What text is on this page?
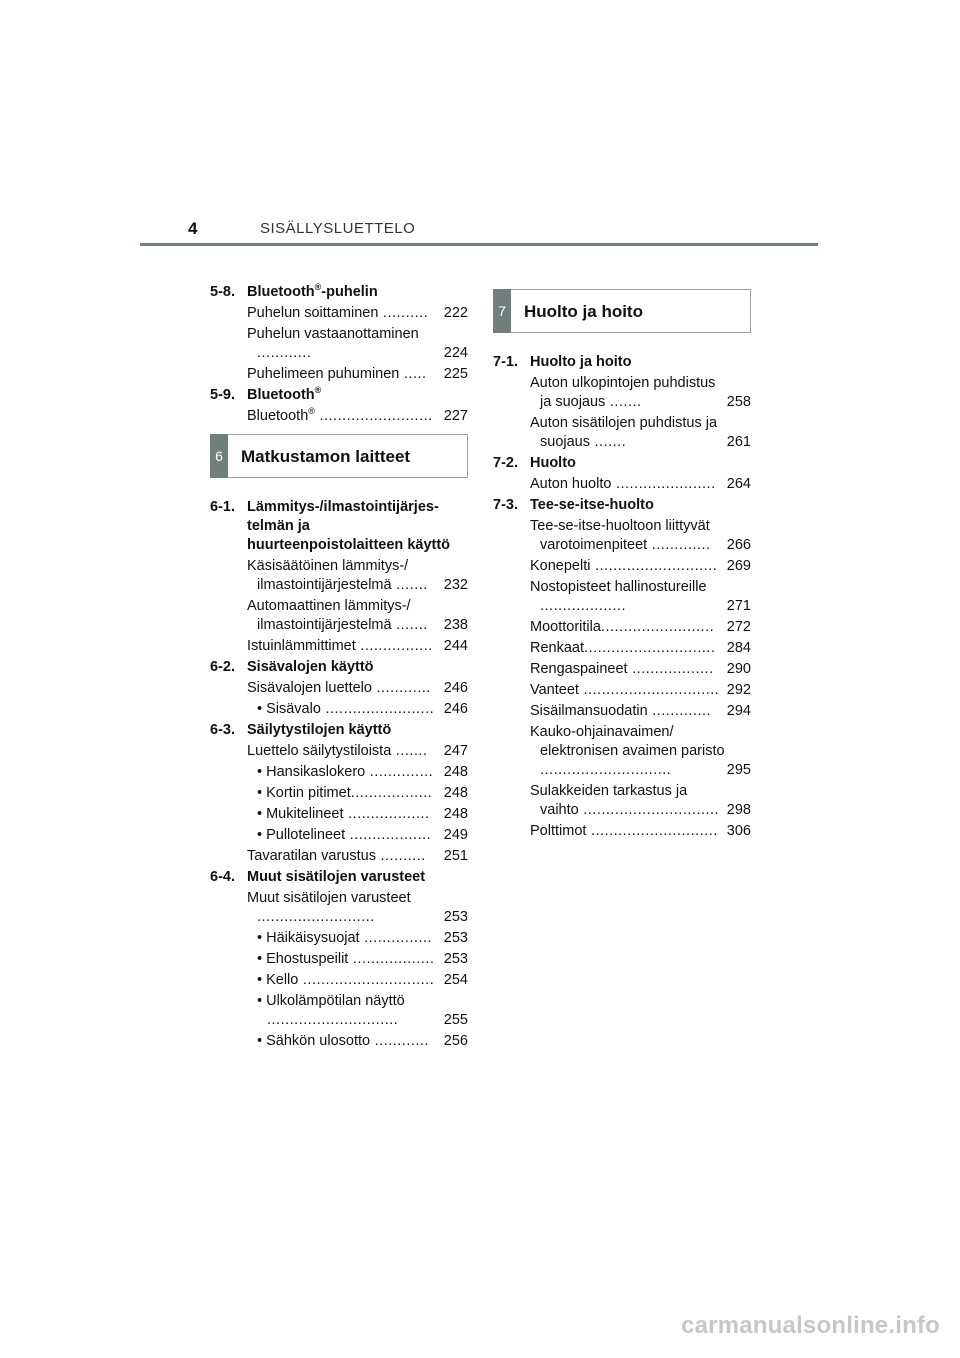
4	SISÄLLYSLUETTELO
5-8. Bluetooth®-puhelin
Puhelun soittaminen ..........	222
Puhelun vastaanottaminen ............	224
Puhelimeen puhuminen .....	225
5-9. Bluetooth®
Bluetooth® ......................... 227
6	Matkustamon laitteet
6-1. Lämmitys-/ilmastointijärjes-telmän ja huurteenpoistolaitteen käyttö
Käsisäätöinen lämmitys-/ ilmastointijärjestelmä .......	232
Automaattinen lämmitys-/ ilmastointijärjestelmä .......	238
Istuinlämmittimet ................ 244
6-2. Sisävalojen käyttö
Sisävalojen luettelo ............ 246
• Sisävalo ........................ 246
6-3. Säilytystilojen käyttö
Luettelo säilytystiloista .......	247
• Hansikaslokero .............. 248
• Kortin pitimet.................. 248
• Mukitelineet .................. 248
• Pullotelineet .................. 249
Tavaratilan varustus ..........	251
6-4. Muut sisätilojen varusteet
Muut sisätilojen varusteet ..........................	253
• Häikäisysuojat ............... 253
• Ehostuspeilit .................. 253
• Kello ............................. 254
• Ulkolämpötilan näyttö .............................	255
• Sähkön ulosotto ............	256
7	Huolto ja hoito
7-1. Huolto ja hoito
Auton ulkopintojen puhdistus ja suojaus .......	258
Auton sisätilojen puhdistus ja suojaus .......	261
7-2. Huolto
Auton huolto ...................... 264
7-3. Tee-se-itse-huolto
Tee-se-itse-huoltoon liittyvät varotoimenpiteet .............	266
Konepelti ........................... 269
Nostopisteet hallinostureille ...................	271
Moottoritila......................... 272
Renkaat............................. 284
Rengaspaineet .................. 290
Vanteet .............................. 292
Sisäilmansuodatin .............	294
Kauko-ohjainavaimen/ elektronisen avaimen paristo .............................	295
Sulakkeiden tarkastus ja vaihto .............................. 298
Polttimot ............................ 306
carmanualsonline.info
